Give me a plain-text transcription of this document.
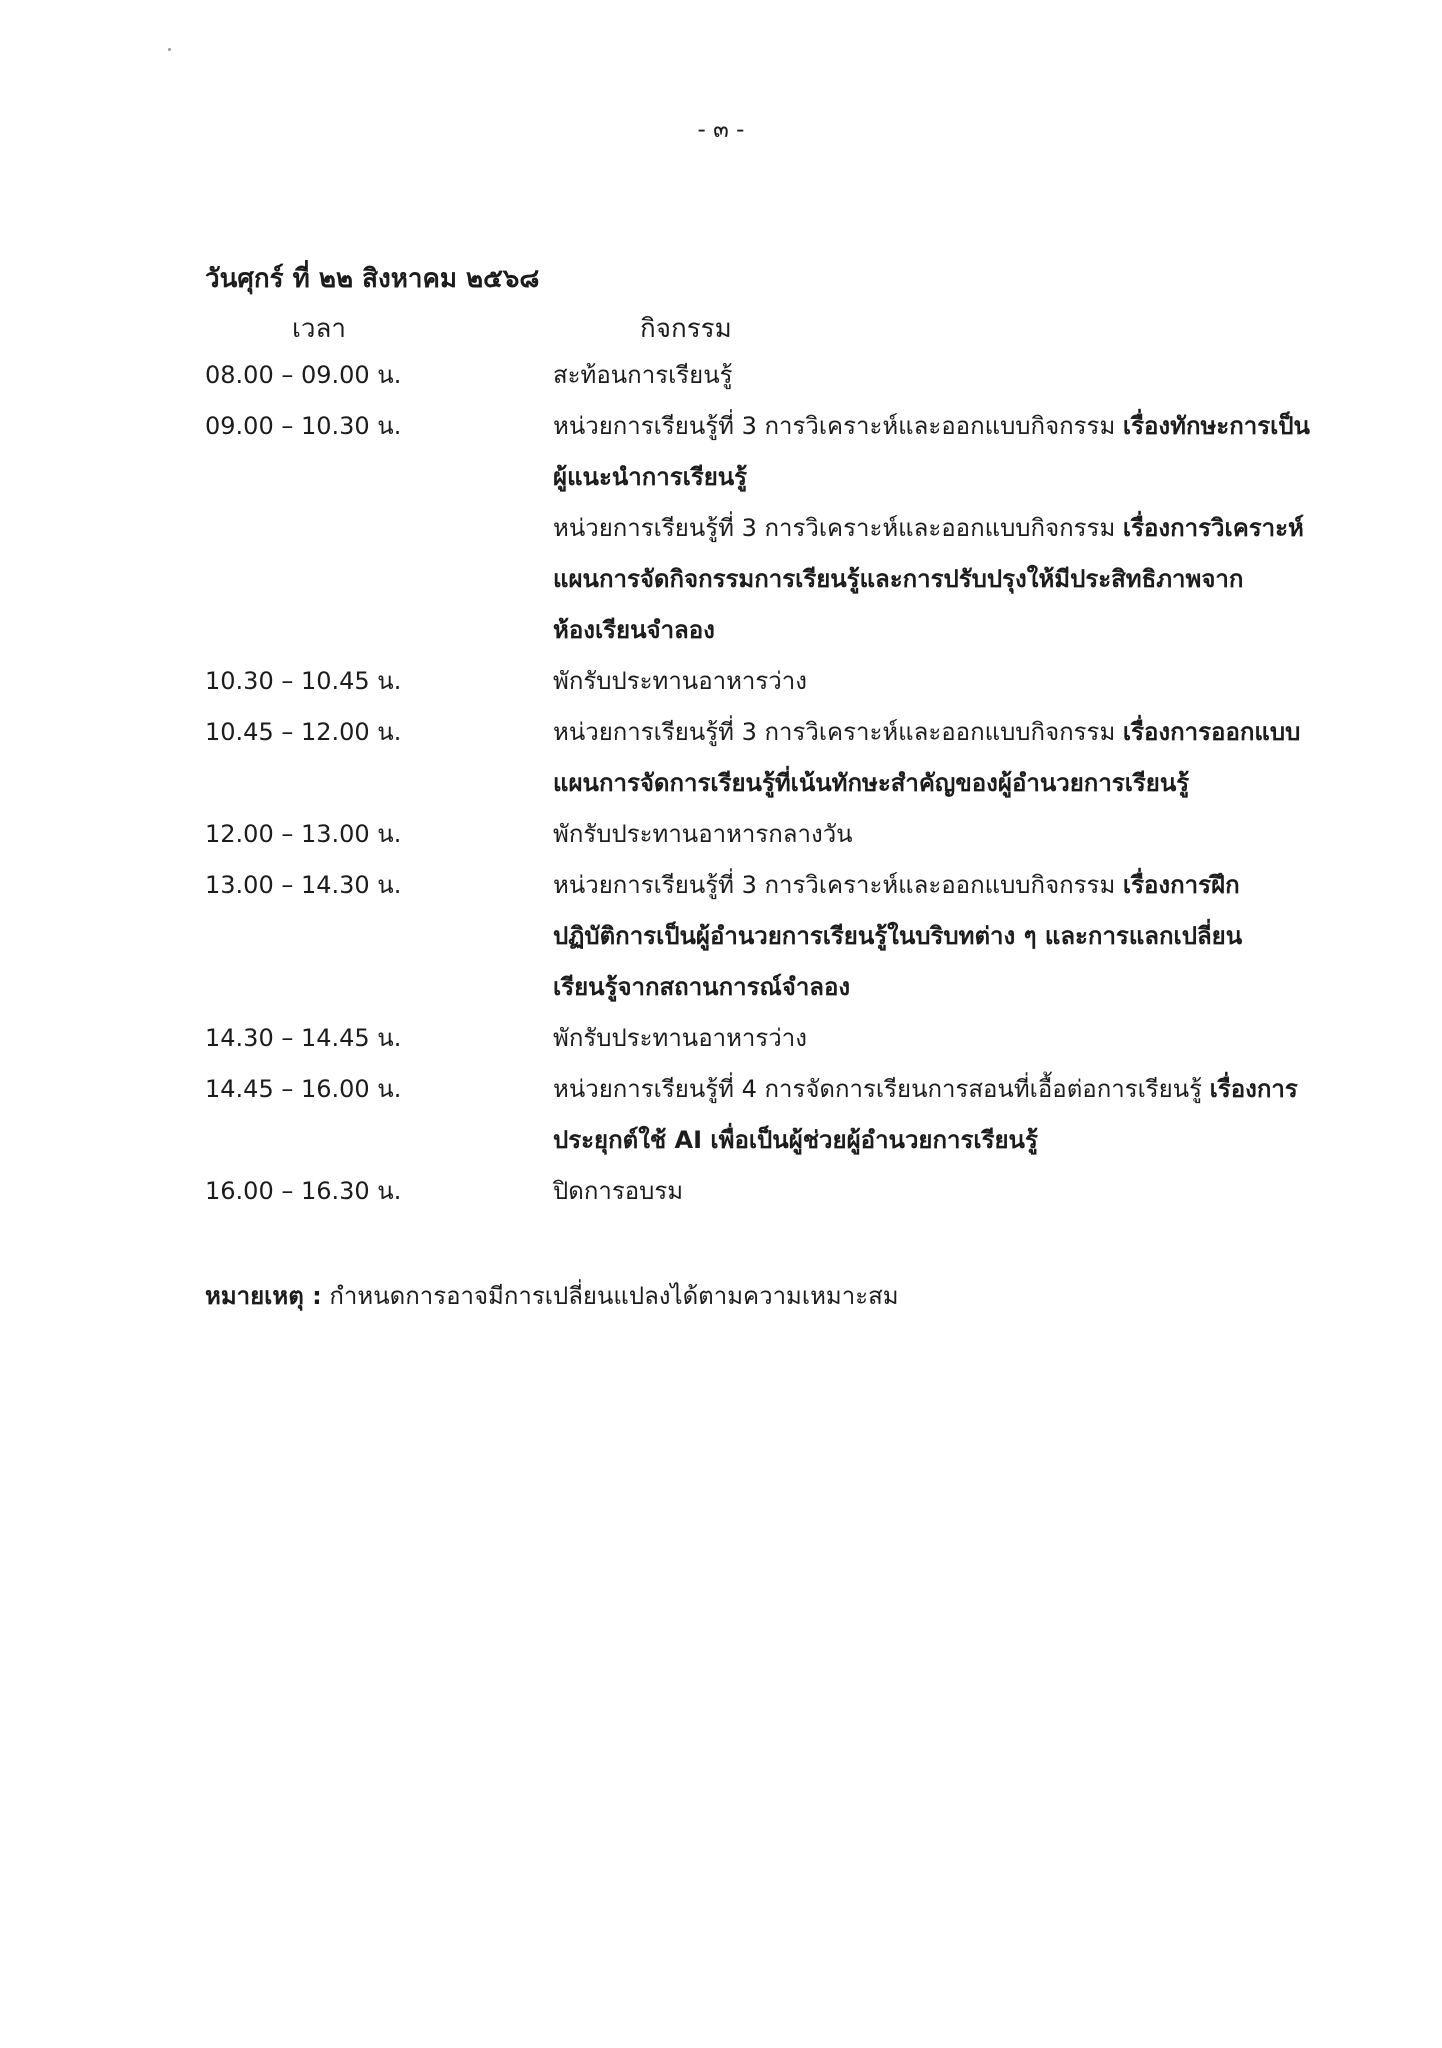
- ๓ -
วันศุกร์ ที่ ๒๒ สิงหาคม ๒๕๖๘
เวลา	กิจกรรม
08.00 – 09.00 น.	สะท้อนการเรียนรู้
09.00 – 10.30 น.	หน่วยการเรียนรู้ที่ 3 การวิเคราะห์และออกแบบกิจกรรม เรื่องทักษะการเป็น
ผู้แนะนำการเรียนรู้
หน่วยการเรียนรู้ที่ 3 การวิเคราะห์และออกแบบกิจกรรม เรื่องการวิเคราะห์
แผนการจัดกิจกรรมการเรียนรู้และการปรับปรุงให้มีประสิทธิภาพจาก
ห้องเรียนจำลอง
10.30 – 10.45 น.	พักรับประทานอาหารว่าง
10.45 – 12.00 น.	หน่วยการเรียนรู้ที่ 3 การวิเคราะห์และออกแบบกิจกรรม เรื่องการออกแบบ
แผนการจัดการเรียนรู้ที่เน้นทักษะสำคัญของผู้อำนวยการเรียนรู้
12.00 – 13.00 น.	พักรับประทานอาหารกลางวัน
13.00 – 14.30 น.	หน่วยการเรียนรู้ที่ 3 การวิเคราะห์และออกแบบกิจกรรม เรื่องการฝึก
ปฏิบัติการเป็นผู้อำนวยการเรียนรู้ในบริบทต่าง ๆ และการแลกเปลี่ยน
เรียนรู้จากสถานการณ์จำลอง
14.30 – 14.45 น.	พักรับประทานอาหารว่าง
14.45 – 16.00 น.	หน่วยการเรียนรู้ที่ 4 การจัดการเรียนการสอนที่เอื้อต่อการเรียนรู้ เรื่องการ
ประยุกต์ใช้ AI เพื่อเป็นผู้ช่วยผู้อำนวยการเรียนรู้
16.00 – 16.30 น.	ปิดการอบรม
หมายเหตุ : กำหนดการอาจมีการเปลี่ยนแปลงได้ตามความเหมาะสม
